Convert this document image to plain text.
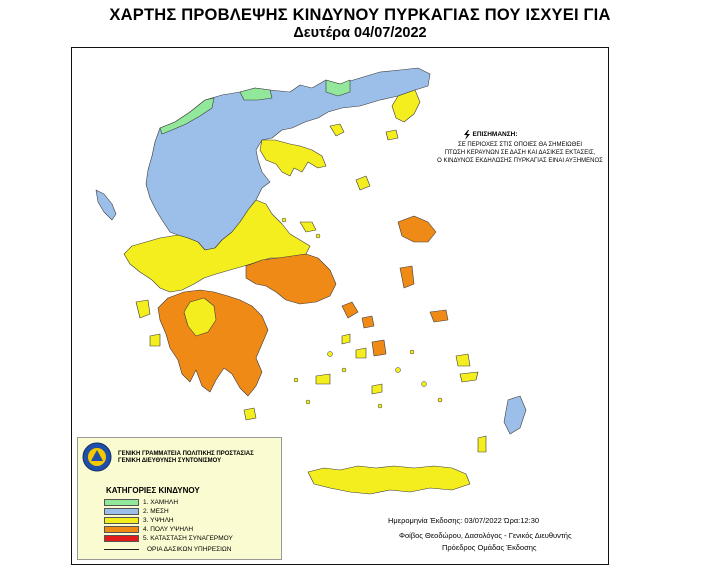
ΧΑΡΤΗΣ ΠΡΟΒΛΕΨΗΣ ΚΙΝΔΥΝΟΥ ΠΥΡΚΑΓΙΑΣ ΠΟΥ ΙΣΧΥΕΙ ΓΙΑ
Δευτέρα 04/07/2022
ΕΠΙΣΗΜΑΝΣΗ:
ΣΕ ΠΕΡΙΟΧΕΣ ΣΤΙΣ ΟΠΟΙΕΣ ΘΑ ΣΗΜΕΙΩΘΕΙ
ΠΤΩΣΗ ΚΕΡΑΥΝΩΝ ΣΕ ΔΑΣΗ ΚΑΙ ΔΑΣΙΚΕΣ ΕΚΤΑΣΕΙΣ,
Ο ΚΙΝΔΥΝΟΣ ΕΚΔΗΛΩΣΗΣ ΠΥΡΚΑΓΙΑΣ ΕΙΝΑΙ ΑΥΞΗΜΕΝΟΣ
ΓΕΝΙΚΗ ΓΡΑΜΜΑΤΕΙΑ ΠΟΛΙΤΙΚΗΣ ΠΡΟΣΤΑΣΙΑΣ
ΓΕΝΙΚΗ ΔΙΕΥΘΥΝΣΗ ΣΥΝΤΟΝΙΣΜΟΥ
ΚΑΤΗΓΟΡΙΕΣ ΚΙΝΔΥΝΟΥ
1. ΧΑΜΗΛΗ
2. ΜΕΣΗ
3. ΥΨΗΛΗ
4. ΠΟΛΥ ΥΨΗΛΗ
5. ΚΑΤΑΣΤΑΣΗ ΣΥΝΑΓΕΡΜΟΥ
ΟΡΙΑ ΔΑΣΙΚΩΝ ΥΠΗΡΕΣΙΩΝ
Ημερομηνία Έκδοσης: 03/07/2022 Ώρα:12:30
Φοίβος Θεοδώρου, Δασολόγος - Γενικός Διευθυντής
Πρόεδρος Ομάδας Έκδοσης
